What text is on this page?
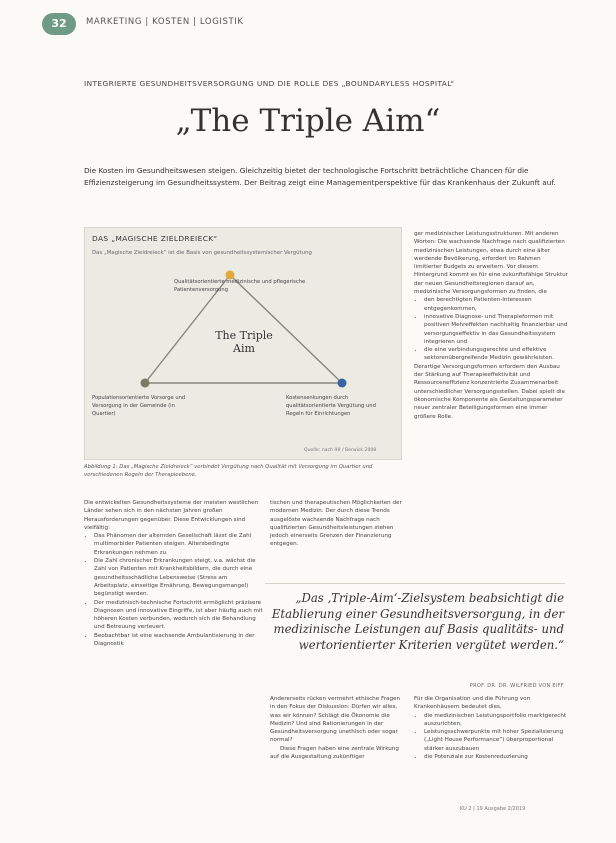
32	MARKETING | KOSTEN | LOGISTIK
INTEGRIERTE GESUNDHEITSVERSORGUNG UND DIE ROLLE DES „BOUNDARYLESS HOSPITAL“
„The Triple Aim“
Die Kosten im Gesundheitswesen steigen. Gleichzeitig bietet der technologische Fortschritt beträchtliche Chancen für die Effizienzsteigerung im Gesundheitssystem. Der Beitrag zeigt eine Managementperspektive für das Krankenhaus der Zukunft auf.
DAS „MAGISCHE ZIELDREIECK“
Das „Magische Zieldreieck“ ist die Basis von gesundheitssystemischer Vergütung
Qualitätsorientierte medizinische und pflegerische Patientenversorgung
The Triple Aim
Populationsorientierte Vorsorge und Versorgung in der Gemeinde (in Quartier)
Kostensenkungen durch qualitätsorientierte Vergütung und Regeln für Einrichtungen
Quelle: nach IHI / Berwick 2008
Abbildung 1: Das „Magische Zieldreieck“ verbindet Vergütung nach Qualität mit Versorgung im Quartier und verschiedenen Regeln der Therapieebene.
ger medizinischer Leistungsstrukturen. Mit anderen Worten: Die wachsende Nachfrage nach qualifizierten medizinischen Leistungen, etwa durch eine älter werdende Bevölkerung, erfordert im Rahmen limitierter Budgets zu erweitern. Vor diesem Hintergrund kommt es für eine zukunftsfähige Struktur der neuen Gesundheitsregionen darauf an, medizinische Versorgungsformen zu finden, die
• den berechtigten Patienten-Interessen entgegenkommen,
• innovative Diagnose- und Therapieformen mit positiven Mehreffekten nachhaltig finanzierbar und versorgungseffektiv in das Gesundheitssystem integrieren und
• die eine verbindungsgerechte und effektive sektorenübergreifende Medizin gewährleisten.
Derartige Versorgungsformen erfordern den Ausbau der Stärkung auf Therapieeffektivität und Ressourceneffizienz konzentrierte Zusammenarbeit unterschiedlicher Versorgungsstellen. Dabei spielt die ökonomische Komponente als Gestaltungsparameter neuer zentraler Beteiligungsformen eine immer größere Rolle.
Die entwickelten Gesundheitssysteme der meisten westlichen Länder sehen sich in den nächsten Jahren großen Herausforderungen gegenüber. Diese Entwicklungen sind vielfältig:
• Das Phänomen der alternden Gesellschaft lässt die Zahl multimorbider Patienten steigen. Altersbedingte Erkrankungen nehmen zu.
• Die Zahl chronischer Erkrankungen steigt, v.a. wächst die Zahl von Patienten mit Krankheitsbildern, die durch eine gesundheitsschädliche Lebensweise (Stress am Arbeitsplatz, einseitige Ernährung, Bewegungsmangel) begünstigt werden.
• Der medizinisch-technische Fortschritt ermöglicht präzisere Diagnosen und innovative Eingriffe, ist aber häufig auch mit höheren Kosten verbunden, wodurch sich die Behandlung und Betreuung verteuert.
• Beobachtbar ist eine wachsende Ambulantisierung in der Diagnostik
tischen und therapeutischen Möglichkeiten der modernen Medizin. Der durch diese Trends ausgelöste wachsende Nachfrage nach qualifizierten Gesundheitsleistungen stehen jedoch einerseits Grenzen der Finanzierung entgegen.
„Das ‚Triple-Aim‘-Zielsystem beabsichtigt die Etablierung einer Gesundheitsversorgung, in der medizinische Leistungen auf Basis qualitäts- und wertorientierter Kriterien vergütet werden.“
PROF. DR. DR. WILFRIED VON EIFF
Andererseits rücken vermehrt ethische Fragen in den Fokus der Diskussion: Dürfen wir alles, was wir können? Schlägt die Ökonomie die Medizin? Und sind Rationierungen in der Gesundheitsversorgung unethisch oder sogar normal?
Diese Fragen haben eine zentrale Wirkung auf die Ausgestaltung zukünftiger
Für die Organisation und die Führung von Krankenhäusern bedeutet dies,
• die medizinischen Leistungsportfolio marktgerecht auszurichten,
• Leistungsschwerpunkte mit hoher Spezialisierung („Light House Performance“) überproportional stärker auszubauen
• die Potenziale zur Kostenreduzierung
KU 2 | 19 Ausgabe 2/2019
